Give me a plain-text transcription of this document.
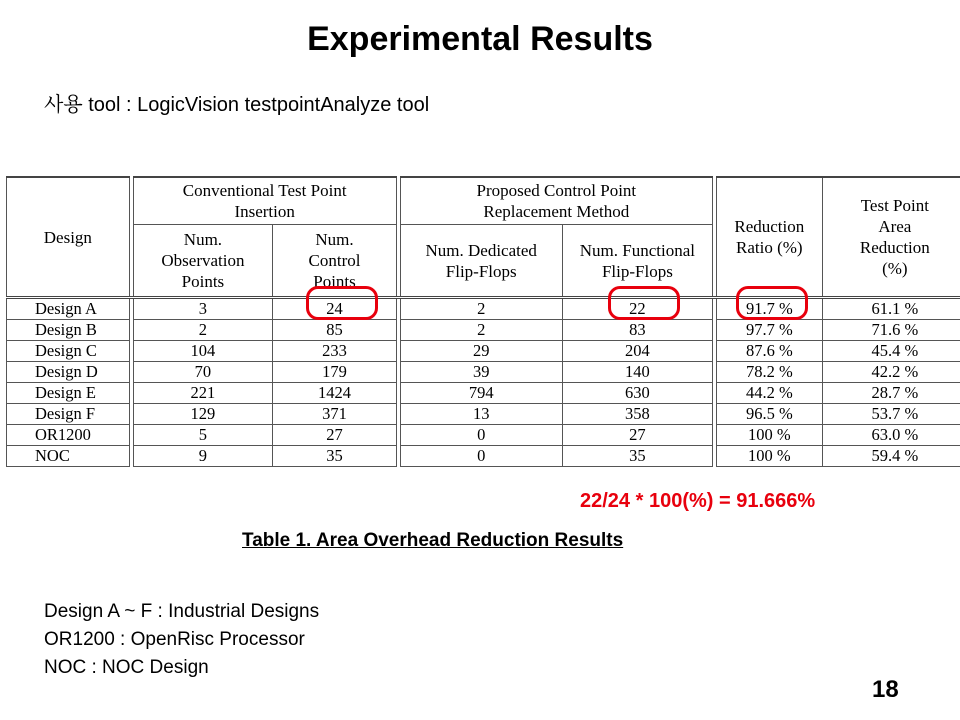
Experimental Results
사용 tool : LogicVision testpointAnalyze tool
Design		Conventional Test Point Insertion			Proposed Control Point Replacement Method			Reduction Ratio (%)	Test Point Area Reduction (%)
		Num. Observation Points	Num. Control Points		Num. Dedicated Flip-Flops	Num. Functional Flip-Flops			
Design A		3	24		2	22		91.7 %	61.1 %
Design B		2	85		2	83		97.7 %	71.6 %
Design C		104	233		29	204		87.6 %	45.4 %
Design D		70	179		39	140		78.2 %	42.2 %
Design E		221	1424		794	630		44.2 %	28.7 %
Design F		129	371		13	358		96.5 %	53.7 %
OR1200		5	27		0	27		100 %	63.0 %
NOC		9	35		0	35		100 %	59.4 %
22/24 * 100(%) = 91.666%
Table 1. Area Overhead Reduction Results
Design A ~ F : Industrial Designs
OR1200 : OpenRisc Processor
NOC : NOC Design
18
